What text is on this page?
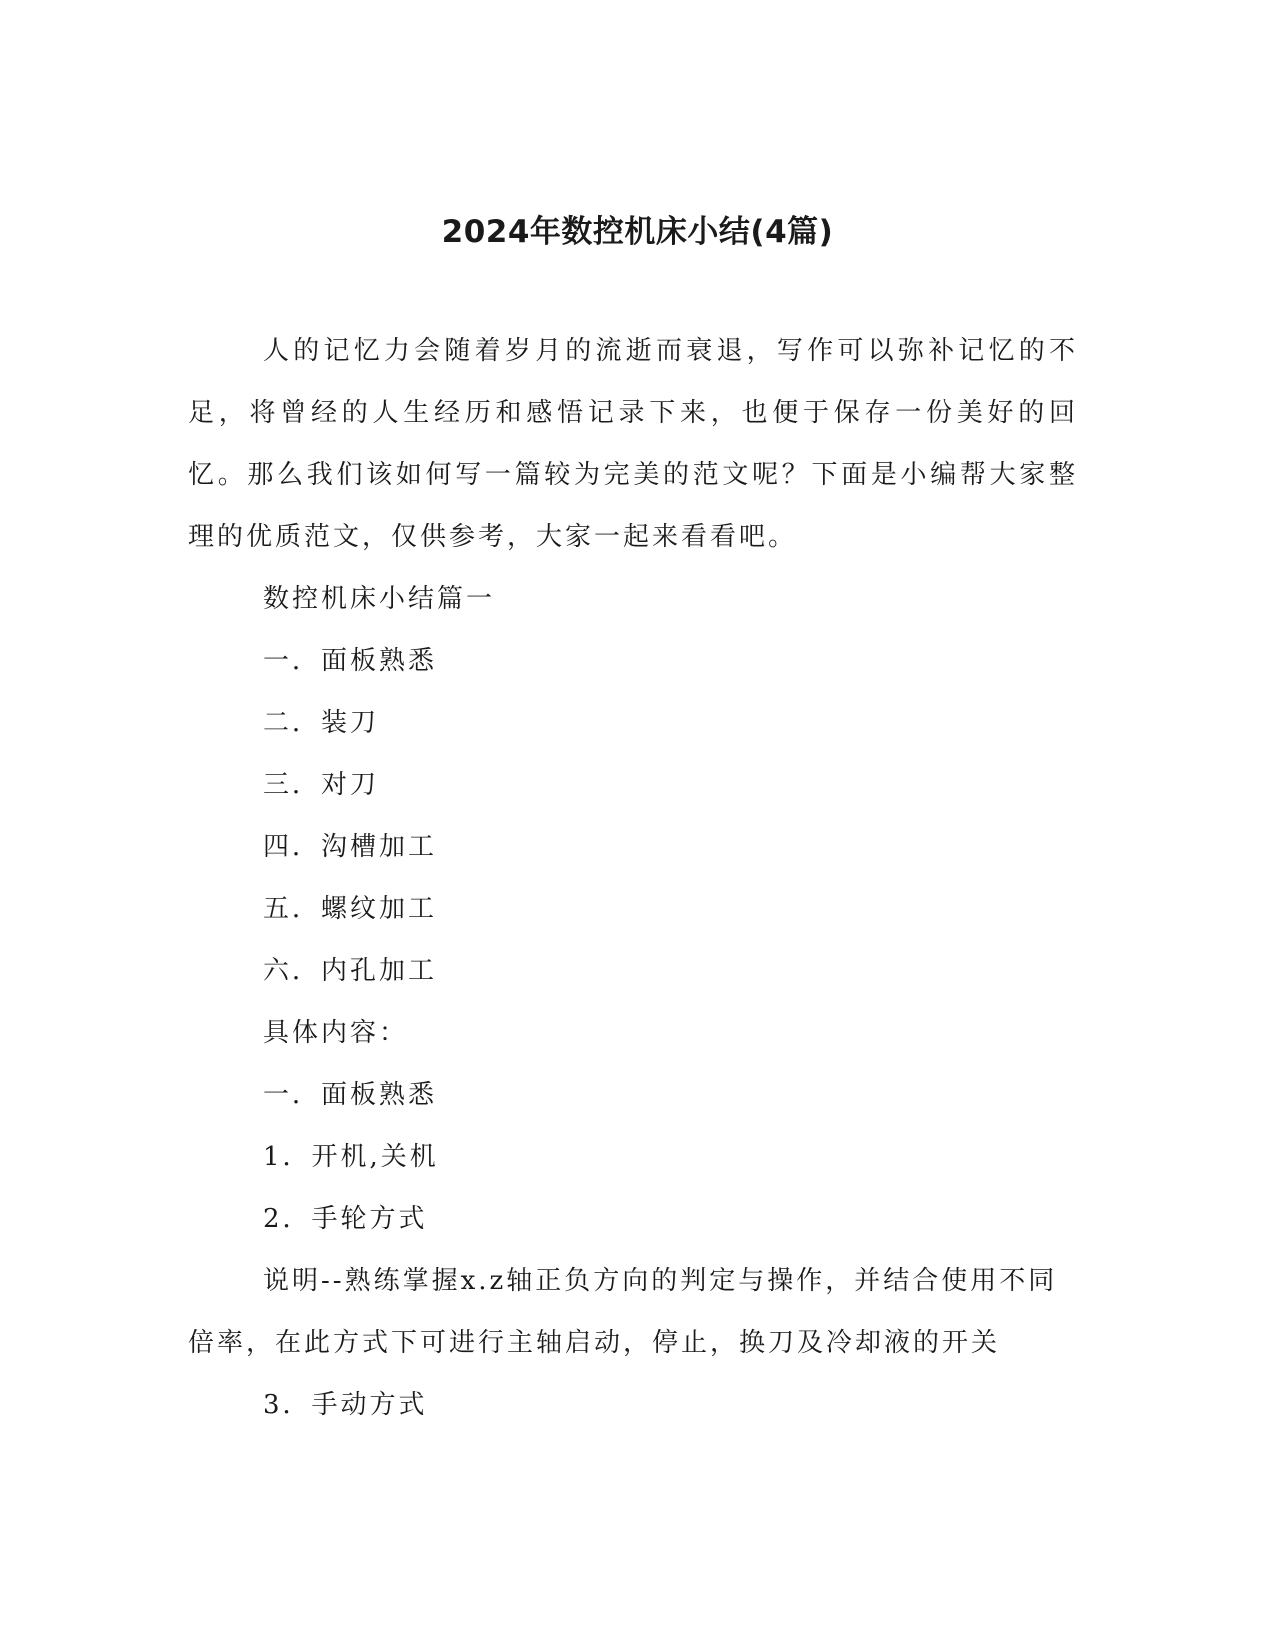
2024年数控机床小结(4篇)

人的记忆力会随着岁月的流逝而衰退，写作可以弥补记忆的不足，将曾经的人生经历和感悟记录下来，也便于保存一份美好的回忆。那么我们该如何写一篇较为完美的范文呢？下面是小编帮大家整理的优质范文，仅供参考，大家一起来看看吧。

数控机床小结篇一

一．面板熟悉

二．装刀

三．对刀

四．沟槽加工

五．螺纹加工

六．内孔加工

具体内容：

一．面板熟悉

1．开机,关机

2．手轮方式

说明--熟练掌握x.z轴正负方向的判定与操作，并结合使用不同倍率，在此方式下可进行主轴启动，停止，换刀及冷却液的开关

3．手动方式
